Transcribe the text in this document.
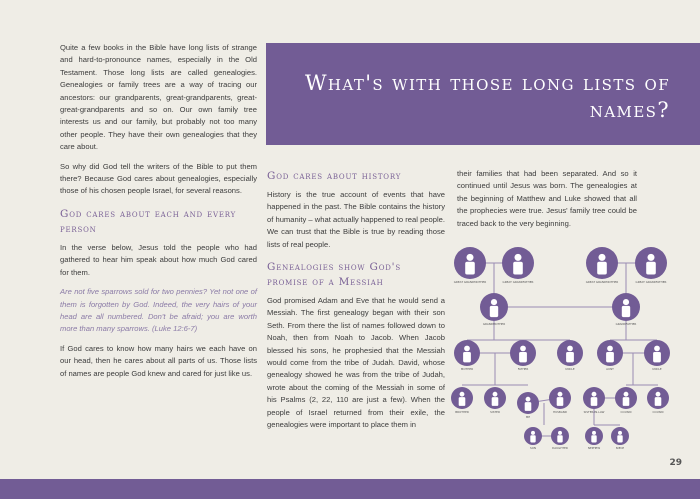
Quite a few books in the Bible have long lists of strange and hard-to-pronounce names, especially in the Old Testament. Those long lists are called genealogies. Genealogies or family trees are a way of tracing our ancestors: our grandparents, great-grandparents, great-great-grandparents and so on. Our own family tree interests us and our family, but probably not too many other people. They have their own genealogies that they care about.

So why did God tell the writers of the Bible to put them there? Because God cares about genealogies, especially those of his chosen people Israel, for several reasons.

God cares about each and every person

In the verse below, Jesus told the people who had gathered to hear him speak about how much God cared for them.

Are not five sparrows sold for two pennies? Yet not one of them is forgotten by God. Indeed, the very hairs of your head are all numbered. Don't be afraid; you are worth more than many sparrows. (Luke 12:6-7)

If God cares to know how many hairs we each have on our head, then he cares about all parts of us. Those lists of names are people God knew and cared for just like us.

What's with those long lists of names?
God cares about history

History is the true account of events that have happened in the past. The Bible contains the history of humanity – what actually happened to real people. We can trust that the Bible is true by reading those lists of real people.

Genealogies show God's promise of a Messiah

God promised Adam and Eve that he would send a Messiah. The first genealogy began with their son Seth. From there the list of names followed down to Noah, then from Noah to Jacob. When Jacob blessed his sons, he prophesied that the Messiah would come from the tribe of Judah. David, whose genealogy showed he was from the tribe of Judah, wrote about the coming of the Messiah in some of his Psalms (2, 22, 110 are just a few). When the people of Israel returned from their exile, the genealogies were important to place them in

their families that had been separated. And so it continued until Jesus was born. The genealogies at the beginning of Matthew and Luke showed that all the prophecies were true. Jesus' family tree could be traced back to the very beginning.

GREAT GRANDMOTHER	GREAT GRANDFATHER	GREAT GRANDMOTHER	GREAT GRANDFATHER
GRANDMOTHER	GRANDFATHER
MOTHER	FATHER	UNCLE	AUNT	UNCLE
BROTHER	SISTER
ME
HUSBAND	SISTER-IN-LAW	COUSIN	COUSIN
SON	DAUGHTER	NEPHEW	NIECE
29
